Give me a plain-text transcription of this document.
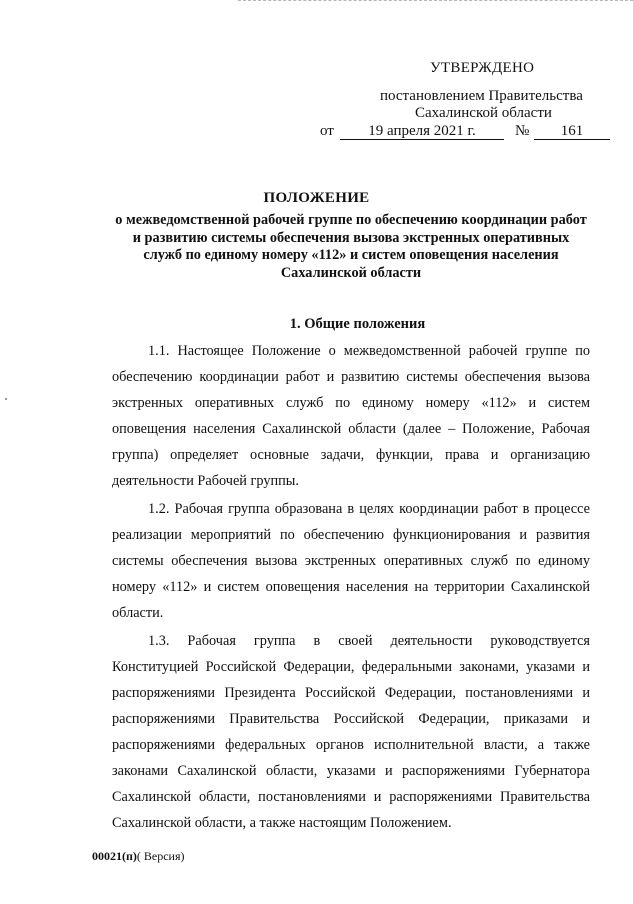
УТВЕРЖДЕНО
постановлением Правительства
Сахалинской области
от	19 апреля 2021 г.	№	161
ПОЛОЖЕНИЕ
о межведомственной рабочей группе по обеспечению координации работ и развитию системы обеспечения вызова экстренных оперативных служб по единому номеру «112» и систем оповещения населения Сахалинской области
1. Общие положения

1.1. Настоящее Положение о межведомственной рабочей группе по обеспечению координации работ и развитию системы обеспечения вызова экстренных оперативных служб по единому номеру «112» и систем оповещения населения Сахалинской области (далее – Положение, Рабочая группа) определяет основные задачи, функции, права и организацию деятельности Рабочей группы.

1.2. Рабочая группа образована в целях координации работ в процессе реализации мероприятий по обеспечению функционирования и развития системы обеспечения вызова экстренных оперативных служб по единому номеру «112» и систем оповещения населения на территории Сахалинской области.

1.3. Рабочая группа в своей деятельности руководствуется Конституцией Российской Федерации, федеральными законами, указами и распоряжениями Президента Российской Федерации, постановлениями и распоряжениями Правительства Российской Федерации, приказами и распоряжениями федеральных органов исполнительной власти, а также законами Сахалинской области, указами и распоряжениями Губернатора Сахалинской области, постановлениями и распоряжениями Правительства Сахалинской области, а также настоящим Положением.

00021(п)( Версия)
